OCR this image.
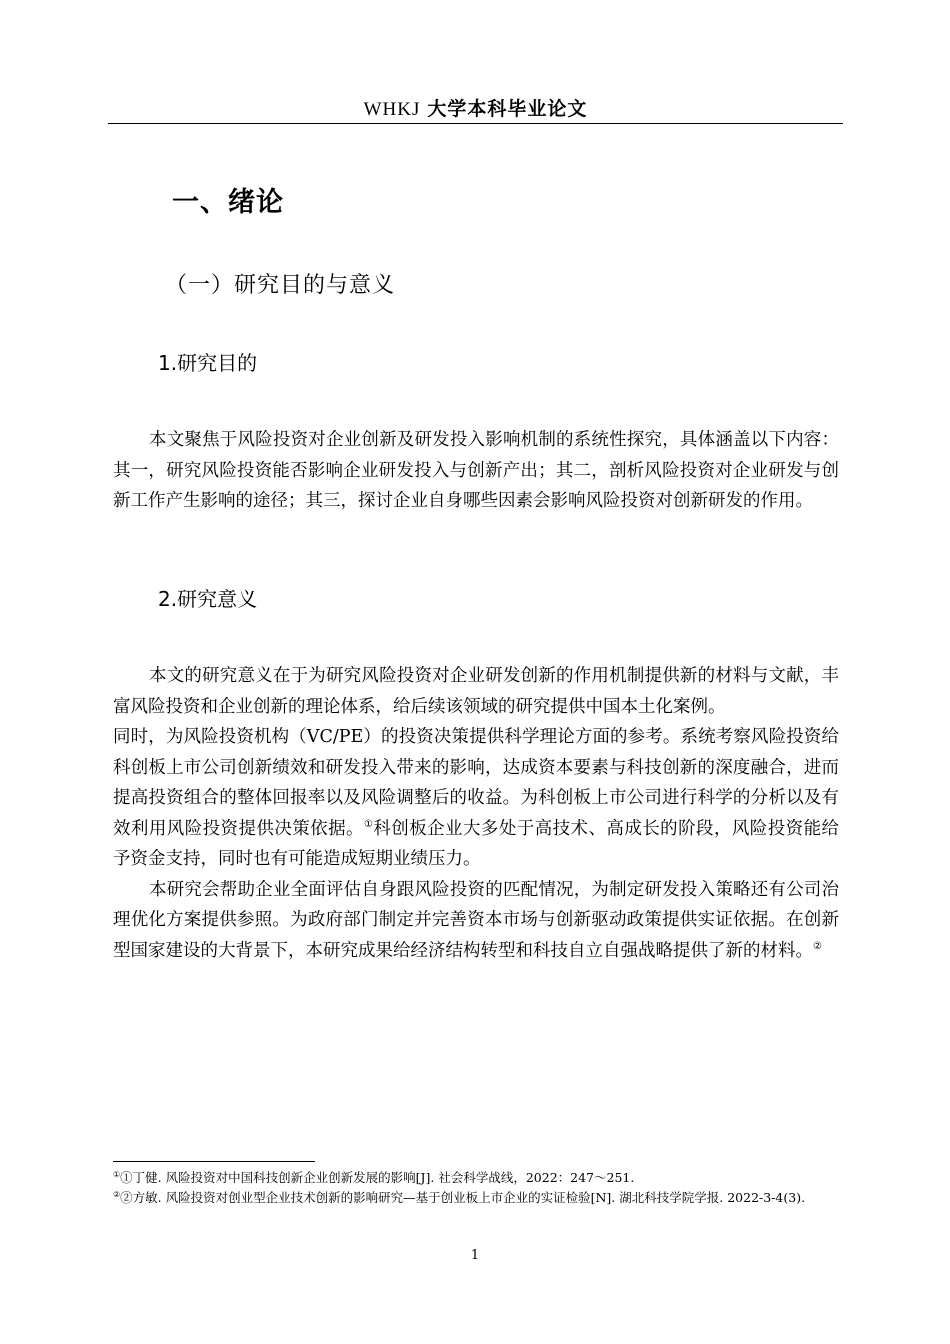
WHKJ 大学本科毕业论文
一、绪论
（一）研究目的与意义
1.研究目的

本文聚焦于风险投资对企业创新及研发投入影响机制的系统性探究，具体涵盖以下内容：其一，研究风险投资能否影响企业研发投入与创新产出；其二，剖析风险投资对企业研发与创新工作产生影响的途径；其三，探讨企业自身哪些因素会影响风险投资对创新研发的作用。

2.研究意义

本文的研究意义在于为研究风险投资对企业研发创新的作用机制提供新的材料与文献，丰富风险投资和企业创新的理论体系，给后续该领域的研究提供中国本土化案例。

同时，为风险投资机构（VC/PE）的投资决策提供科学理论方面的参考。系统考察风险投资给科创板上市公司创新绩效和研发投入带来的影响，达成资本要素与科技创新的深度融合，进而提高投资组合的整体回报率以及风险调整后的收益。为科创板上市公司进行科学的分析以及有效利用风险投资提供决策依据。①科创板企业大多处于高技术、高成长的阶段，风险投资能给予资金支持，同时也有可能造成短期业绩压力。

本研究会帮助企业全面评估自身跟风险投资的匹配情况，为制定研发投入策略还有公司治理优化方案提供参照。为政府部门制定并完善资本市场与创新驱动政策提供实证依据。在创新型国家建设的大背景下，本研究成果给经济结构转型和科技自立自强战略提供了新的材料。②

①①丁健. 风险投资对中国科技创新企业创新发展的影响[J]. 社会科学战线，2022：247～251.

②②方敏. 风险投资对创业型企业技术创新的影响研究—基于创业板上市企业的实证检验[N]. 湖北科技学院学报. 2022-3-4(3).

1
